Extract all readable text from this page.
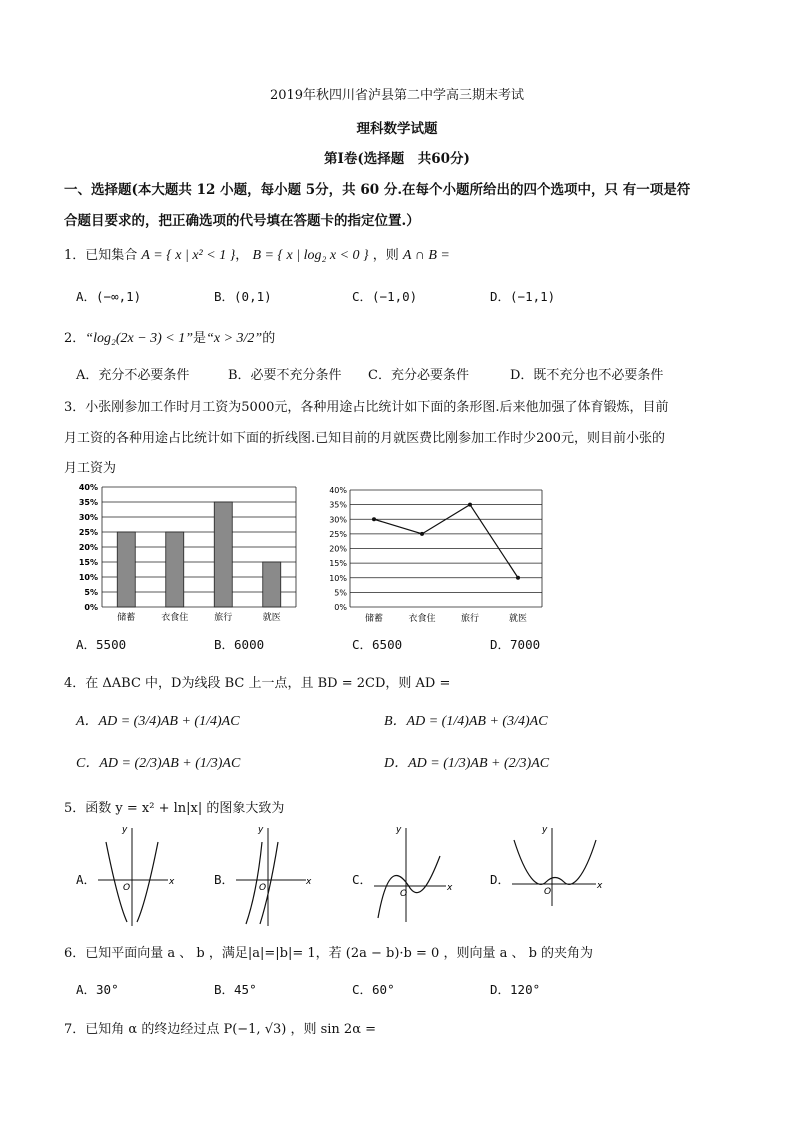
2019年秋四川省泸县第二中学高三期末考试
理科数学试题
第Ⅰ卷(选择题　共60分)
一、选择题(本大题共 12 小题，每小题 5分，共 60 分.在每个小题所给出的四个选项中，只 有一项是符
合题目要求的，把正确选项的代号填在答题卡的指定位置.）
1．已知集合 A = { x | x² < 1 }， B = { x | log₂ x < 0 } ，则 A ∩ B =
A．(−∞,1)	B．(0,1)	C．(−1,0)	D．(−1,1)
2．“log₂(2x − 3) < 1”是“x > 3/2”的
A．充分不必要条件	B．必要不充分条件 C．充分必要条件	D．既不充分也不必要条件
3．小张刚参加工作时月工资为5000元，各种用途占比统计如下面的条形图.后来他加强了体育锻炼，目前
月工资的各种用途占比统计如下面的折线图.已知目前的月就医费比刚参加工作时少200元，则目前小张的
月工资为
0%
5%
10%
15%
20%
25%
30%
35%
40%
储蓄	衣食住	旅行	就医
0%
5%
10%
15%
20%
25%
30%
35%
40%
储蓄	衣食住	旅行	就医
A．5500	B．6000	C．6500	D．7000
4．在 ΔABC 中，D为线段 BC 上一点，且 BD = 2CD，则 AD =
A．AD = (3/4)AB + (1/4)AC	B．AD = (1/4)AB + (3/4)AC
C．AD = (2/3)AB + (1/3)AC	D．AD = (1/3)AB + (2/3)AC
5．函数 y = x² + ln|x| 的图象大致为
A．	x
y
O
B．	x
y
O
C．
x
y
O
D．	x
y
O
6．已知平面向量 a 、 b ，满足|a|=|b|= 1，若 (2a − b)·b = 0 ，则向量 a 、 b 的夹角为
A．30°	B．45°	C．60°	D．120°
7．已知角 α 的终边经过点 P(−1, √3) ，则 sin 2α =
